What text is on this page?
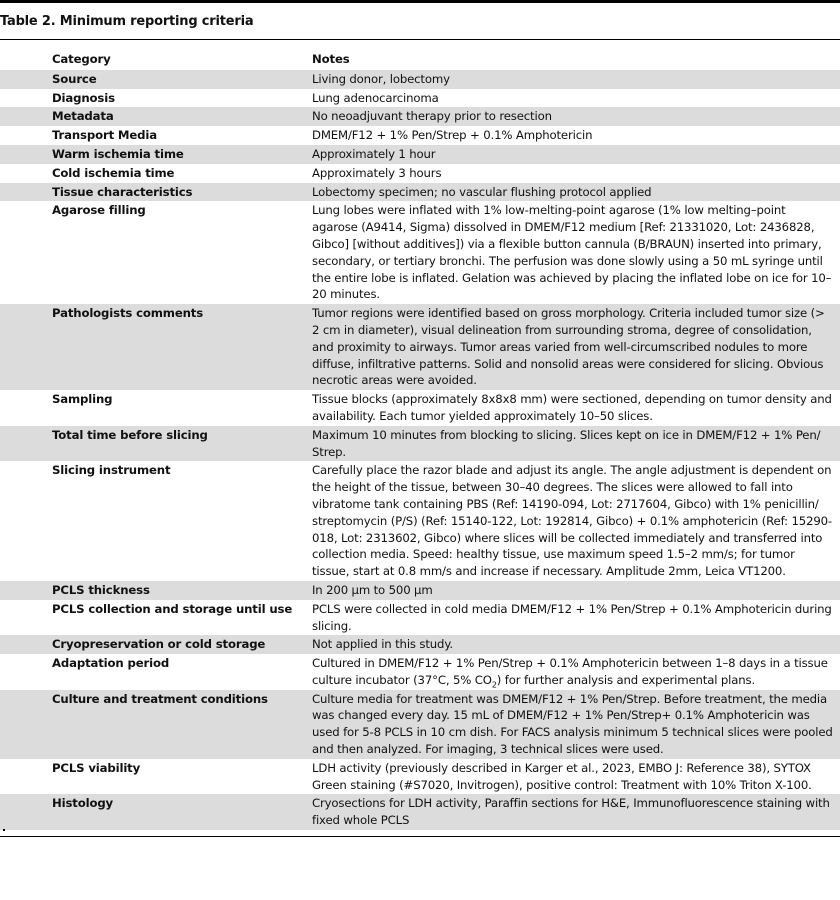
Table 2. Minimum reporting criteria
	Category	Notes
	Source	Living donor, lobectomy
	Diagnosis	Lung adenocarcinoma
	Metadata	No neoadjuvant therapy prior to resection
	Transport Media	DMEM/F12 + 1% Pen/Strep + 0.1% Amphotericin
	Warm ischemia time	Approximately 1 hour
	Cold ischemia time	Approximately 3 hours
	Tissue characteristics	Lobectomy specimen; no vascular flushing protocol applied
	Agarose filling	Lung lobes were inflated with 1% low-melting-point agarose (1% low melting–point agarose (A9414, Sigma) dissolved in DMEM/F12 medium [Ref: 21331020, Lot: 2436828, Gibco] [without additives]) via a flexible button cannula (B/BRAUN) inserted into primary, secondary, or tertiary bronchi. The perfusion was done slowly using a 50 mL syringe until the entire lobe is inflated. Gelation was achieved by placing the inflated lobe on ice for 10–20 minutes.
	Pathologists comments	Tumor regions were identified based on gross morphology. Criteria included tumor size (> 2 cm in diameter), visual delineation from surrounding stroma, degree of consolidation, and proximity to airways. Tumor areas varied from well-circumscribed nodules to more diffuse, infiltrative patterns. Solid and nonsolid areas were considered for slicing. Obvious necrotic areas were avoided.
	Sampling	Tissue blocks (approximately 8x8x8 mm) were sectioned, depending on tumor density and availability. Each tumor yielded approximately 10–50 slices.
	Total time before slicing	Maximum 10 minutes from blocking to slicing. Slices kept on ice in DMEM/F12 + 1% Pen/ Strep.
	Slicing instrument	Carefully place the razor blade and adjust its angle. The angle adjustment is dependent on the height of the tissue, between 30–40 degrees. The slices were allowed to fall into vibratome tank containing PBS (Ref: 14190-094, Lot: 2717604, Gibco) with 1% penicillin/ streptomycin (P/S) (Ref: 15140-122, Lot: 192814, Gibco) + 0.1% amphotericin (Ref: 15290-018, Lot: 2313602, Gibco) where slices will be collected immediately and transferred into collection media. Speed: healthy tissue, use maximum speed 1.5–2 mm/s; for tumor tissue, start at 0.8 mm/s and increase if necessary. Amplitude 2mm, Leica VT1200.
	PCLS thickness	In 200 µm to 500 µm
	PCLS collection and storage until use	PCLS were collected in cold media DMEM/F12 + 1% Pen/Strep + 0.1% Amphotericin during slicing.
	Cryopreservation or cold storage	Not applied in this study.
	Adaptation period	Cultured in DMEM/F12 + 1% Pen/Strep + 0.1% Amphotericin between 1–8 days in a tissue culture incubator (37°C, 5% $CO_2$) for further analysis and experimental plans.
	Culture and treatment conditions	Culture media for treatment was DMEM/F12 + 1% Pen/Strep. Before treatment, the media was changed every day. 15 mL of DMEM/F12 + 1% Pen/Strep+ 0.1% Amphotericin was used for 5-8 PCLS in 10 cm dish. For FACS analysis minimum 5 technical slices were pooled and then analyzed. For imaging, 3 technical slices were used.
	PCLS viability	LDH activity (previously described in Karger et al., 2023, EMBO J: Reference 38), SYTOX Green staining (#S7020, Invitrogen), positive control: Treatment with 10% Triton X-100.
	Histology	Cryosections for LDH activity, Paraffin sections for H&E, Immunofluorescence staining with fixed whole PCLS
